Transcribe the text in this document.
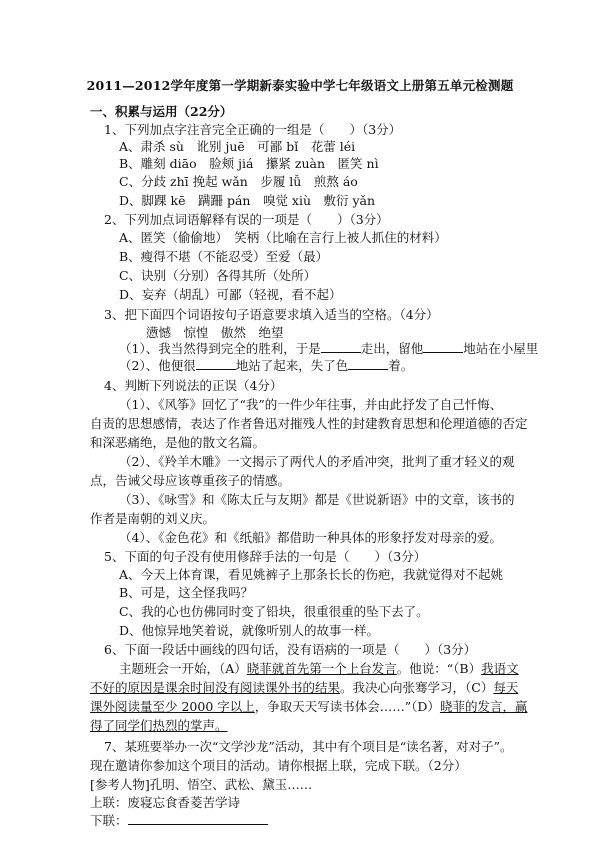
2011—2012学年度第一学期新泰实验中学七年级语文上册第五单元检测题
一、积累与运用（22分）
1、下列加点字注音完全正确的一组是（　　）（3分）
A、肃杀 sù　讹别 juē　可鄙 bǐ　花蕾 léi
B、雕刻 diāo　脸颊 jiá　攥紧 zuàn　匿笑 nì
C、分歧 zhī 挽起 wǎn　步履 lǚ　煎熬 áo
D、脚踝 kē　蹒跚 pán　嗅觉 xiù　敷衍 yǎn
2、下列加点词语解释有误的一项是（　　）（3分）
A、匿笑（偷偷地）　笑柄（比喻在言行上被人抓住的材料）
B、瘦得不堪（不能忍受）至爱（最）
C、诀别（分别）各得其所（处所）
D、妄弃（胡乱）可鄙（轻视，看不起）
3、把下面四个词语按句子语意要求填入适当的空格。（4分）
懑憾　惊惶　傲然　绝望
（1）、我当然得到完全的胜利，于是	走出，留他	地站在小屋里
（2）、他便很	地站了起来，失了色	着。
4、判断下列说法的正误（4分）
（1）、《风筝》回忆了“我”的一件少年往事，并由此抒发了自己忏悔、
自责的思想感情，表达了作者鲁迅对摧残人性的封建教育思想和伦理道德的否定
和深恶痛绝，是他的散文名篇。
（2）、《羚羊木雕》一文揭示了两代人的矛盾冲突，批判了重才轻义的观
点，告诫父母应该尊重孩子的情感。
（3）、《咏雪》和《陈太丘与友期》都是《世说新语》中的文章，该书的
作者是南朝的刘义庆。
（4）、《金色花》和《纸船》都借助一种具体的形象抒发对母亲的爱。
5、下面的句子没有使用修辞手法的一句是（　　）（3分）
A、今天上体育课，看见姚裤子上那条长长的伤疤，我就觉得对不起姚
B、可是，这全怪我吗？
C、我的心也仿佛同时变了铅块，很重很重的坠下去了。
D、他惊异地笑着说，就像听别人的故事一样。
6、下面一段话中画线的四句话，没有语病的一项是（　　）（3分）
主题班会一开始，（A）晓菲就首先第一个上台发言。他说：“（B）我语文
不好的原因是课余时间没有阅读课外书的结果。我决心向张骞学习，（C）每天
课外阅读量至少 2000 字以上，争取天天写读书体会……”（D）晓菲的发言，赢
得了同学们热烈的掌声。
7、某班要举办一次“文学沙龙”活动，其中有个项目是“读名著，对对子”。
现在邀请你参加这个项目的活动。请你根据上联，完成下联。（2分）
[参考人物]孔明、悟空、武松、黛玉……
上联：废寝忘食香菱苦学诗
下联：
